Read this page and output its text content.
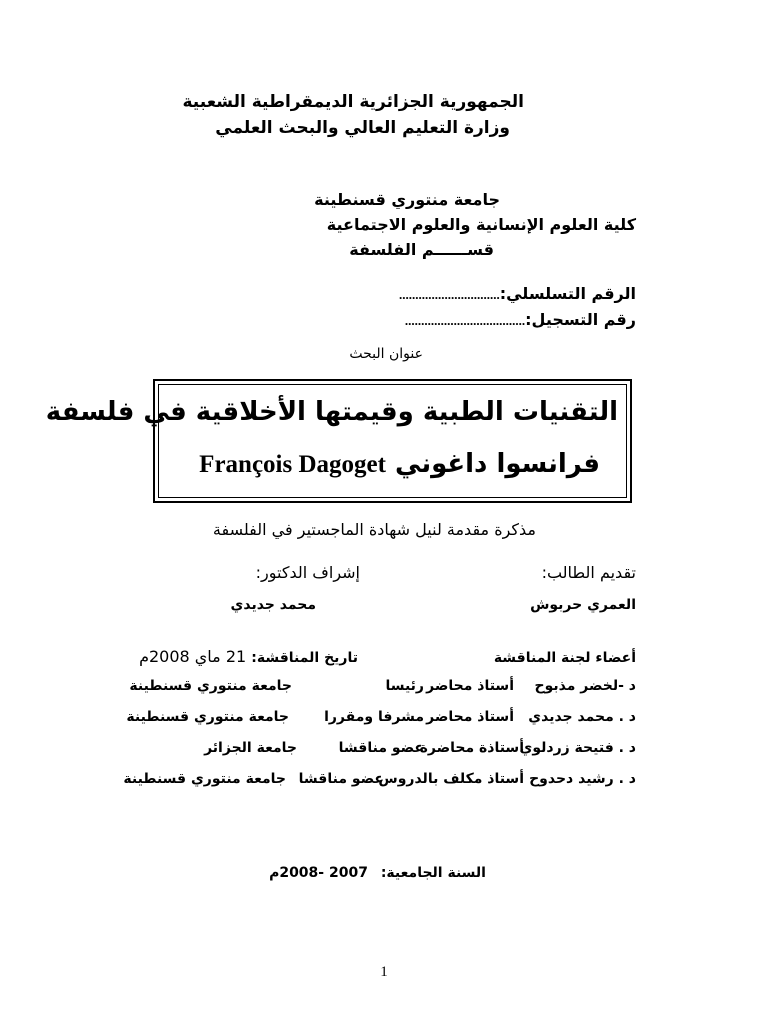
الجمهورية الجزائرية الديمقراطية الشعبية
وزارة التعليم العالي والبحث العلمي
جامعة منتوري قسنطينة
كلية العلوم الإنسانية والعلوم الاجتماعية
قســــــم الفلسفة
الرقم التسلسلي:...............................
رقم التسجيل:.....................................
عنوان البحث
التقنيات الطبية وقيمتها الأخلاقية في فلسفة
فرانسوا داغوني François Dagoget
مذكرة مقدمة لنيل شهادة الماجستير في الفلسفة
تقديم الطالب:
إشراف الدكتور:
العمري حربوش
محمد جديدي
أعضاء لجنة المناقشة
تاريخ المناقشة: 21 ماي 2008م
د -لخضر مذبوح
أستاذ محاضر
رئيسا
جامعة منتوري قسنطينة
د . محمد جديدي
أستاذ محاضر
مشرفا ومقررا
جامعة منتوري قسنطينة
د . فتيحة زردلوي
أستاذة محاضرة
عضو مناقشا
جامعة الجزائر
د . رشيد دحدوح
أستاذ مكلف بالدروس
عضو مناقشا
جامعة منتوري قسنطينة
السنة الجامعية: 2007 -2008م
1
